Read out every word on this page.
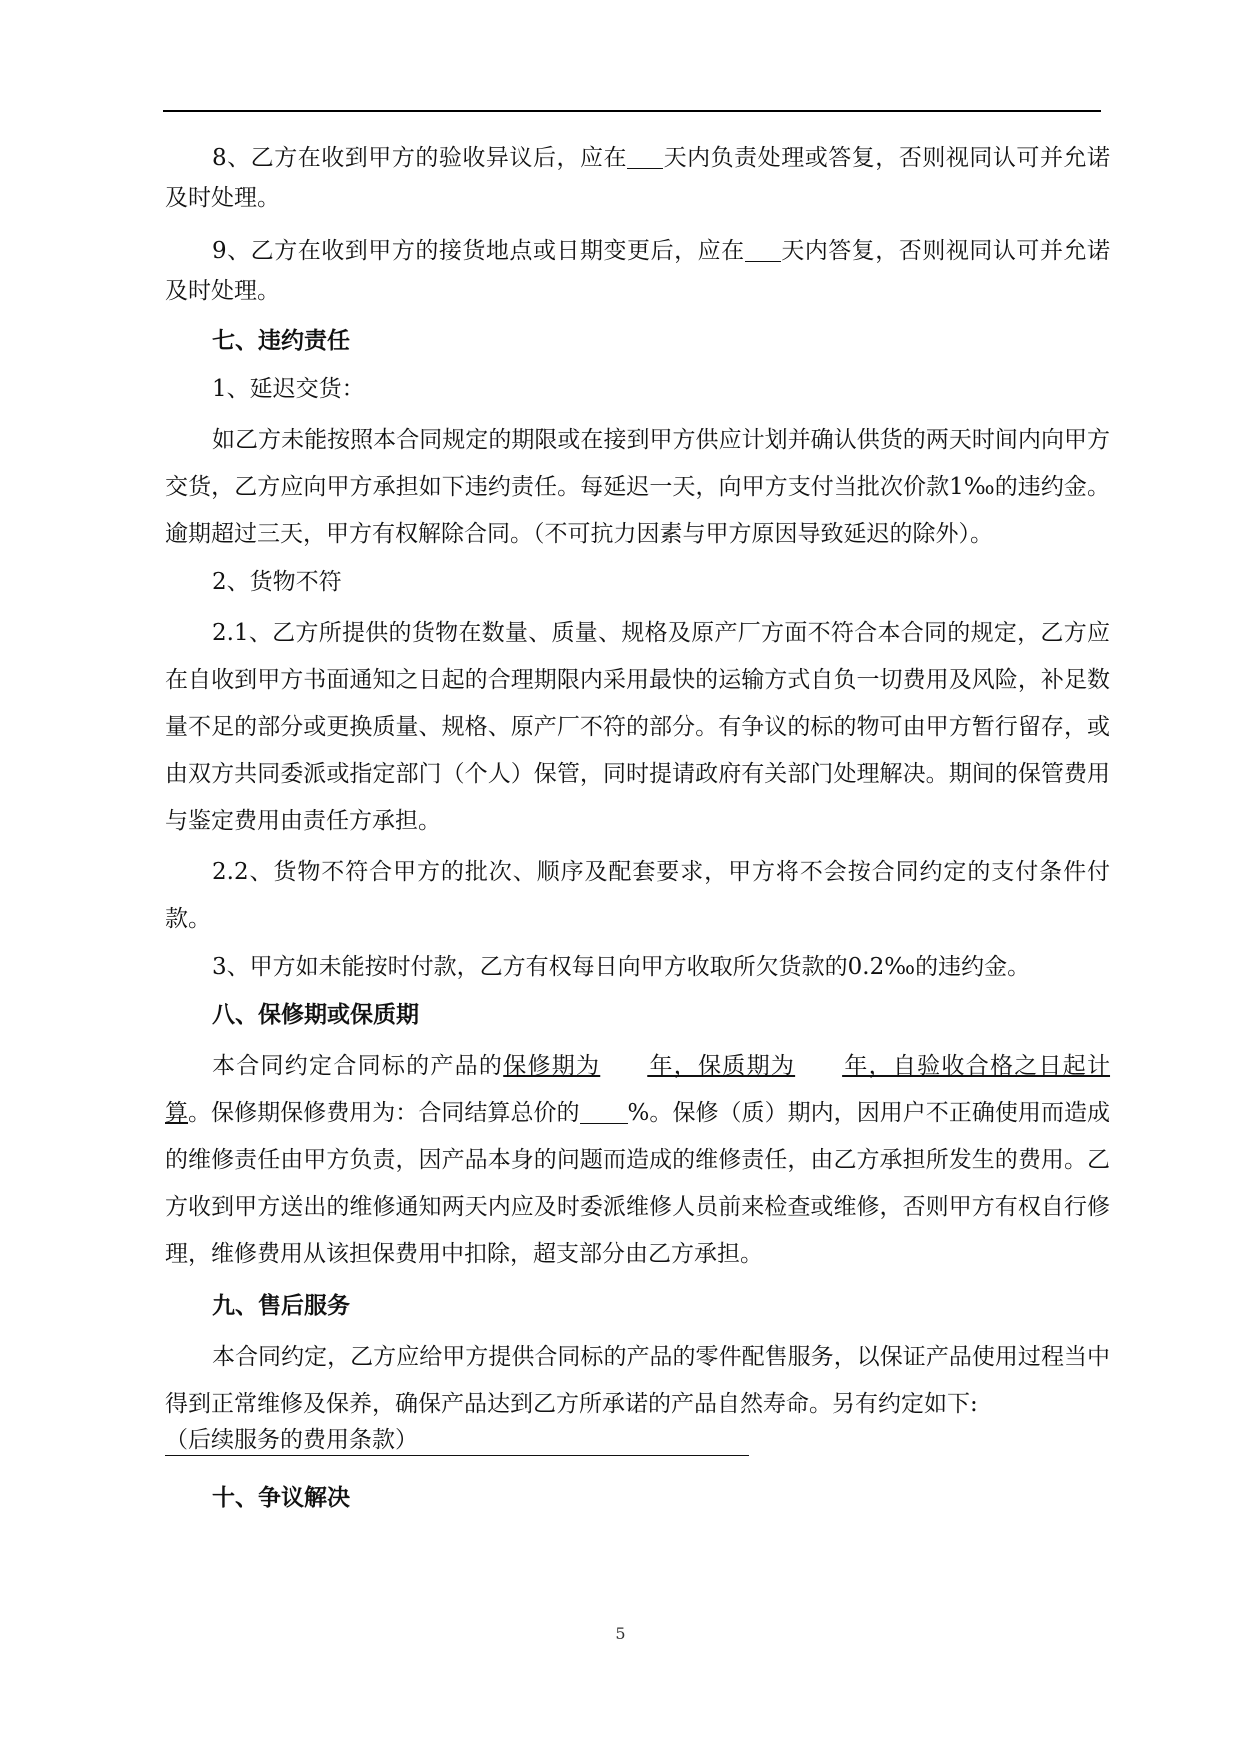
8、乙方在收到甲方的验收异议后，应在 天内负责处理或答复，否则视同认可并允诺及时处理。

9、乙方在收到甲方的接货地点或日期变更后，应在 天内答复，否则视同认可并允诺及时处理。

七、违约责任

1、延迟交货：

如乙方未能按照本合同规定的期限或在接到甲方供应计划并确认供货的两天时间内向甲方交货，乙方应向甲方承担如下违约责任。每延迟一天，向甲方支付当批次价款1‰的违约金。逾期超过三天，甲方有权解除合同。（不可抗力因素与甲方原因导致延迟的除外）。

2、货物不符

2.1、乙方所提供的货物在数量、质量、规格及原产厂方面不符合本合同的规定，乙方应在自收到甲方书面通知之日起的合理期限内采用最快的运输方式自负一切费用及风险，补足数量不足的部分或更换质量、规格、原产厂不符的部分。有争议的标的物可由甲方暂行留存，或由双方共同委派或指定部门（个人）保管，同时提请政府有关部门处理解决。期间的保管费用与鉴定费用由责任方承担。

2.2、货物不符合甲方的批次、顺序及配套要求，甲方将不会按合同约定的支付条件付款。

3、甲方如未能按时付款，乙方有权每日向甲方收取所欠货款的0.2‰的违约金。

八、保修期或保质期

本合同约定合同标的产品的保修期为 年，保质期为 年，自验收合格之日起计算。保修期保修费用为：合同结算总价的 %。保修（质）期内，因用户不正确使用而造成的维修责任由甲方负责，因产品本身的问题而造成的维修责任，由乙方承担所发生的费用。乙方收到甲方送出的维修通知两天内应及时委派维修人员前来检查或维修，否则甲方有权自行修理，维修费用从该担保费用中扣除，超支部分由乙方承担。

九、售后服务

本合同约定，乙方应给甲方提供合同标的产品的零件配售服务，以保证产品使用过程当中得到正常维修及保养，确保产品达到乙方所承诺的产品自然寿命。另有约定如下:

（后续服务的费用条款）

十、争议解决

5
